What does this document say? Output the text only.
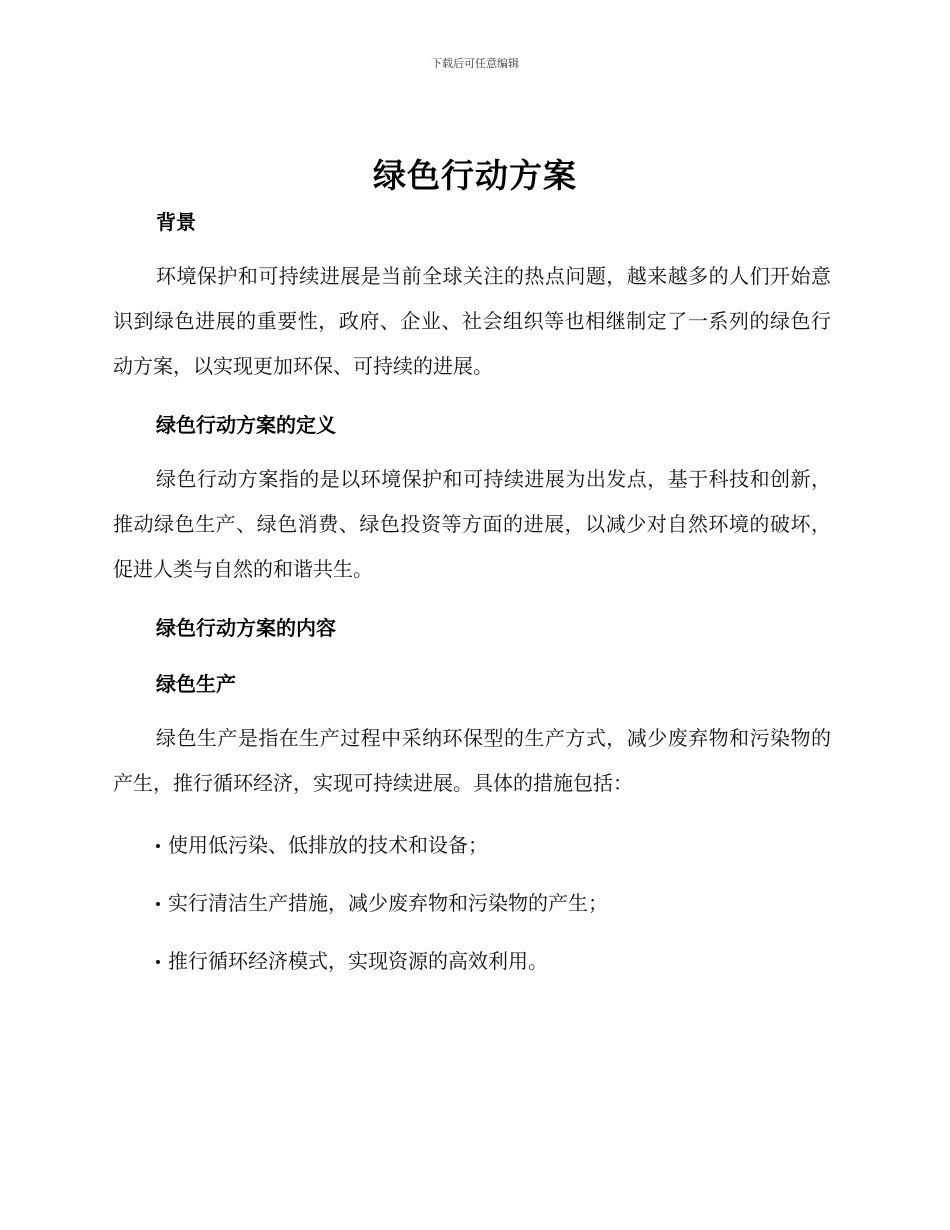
下载后可任意编辑
绿色行动方案
背景
环境保护和可持续进展是当前全球关注的热点问题，越来越多的人们开始意识到绿色进展的重要性，政府、企业、社会组织等也相继制定了一系列的绿色行动方案，以实现更加环保、可持续的进展。
绿色行动方案的定义
绿色行动方案指的是以环境保护和可持续进展为出发点，基于科技和创新，推动绿色生产、绿色消费、绿色投资等方面的进展，以减少对自然环境的破坏，促进人类与自然的和谐共生。
绿色行动方案的内容
绿色生产
绿色生产是指在生产过程中采纳环保型的生产方式，减少废弃物和污染物的产生，推行循环经济，实现可持续进展。具体的措施包括：
使用低污染、低排放的技术和设备；
实行清洁生产措施，减少废弃物和污染物的产生；
推行循环经济模式，实现资源的高效利用。
